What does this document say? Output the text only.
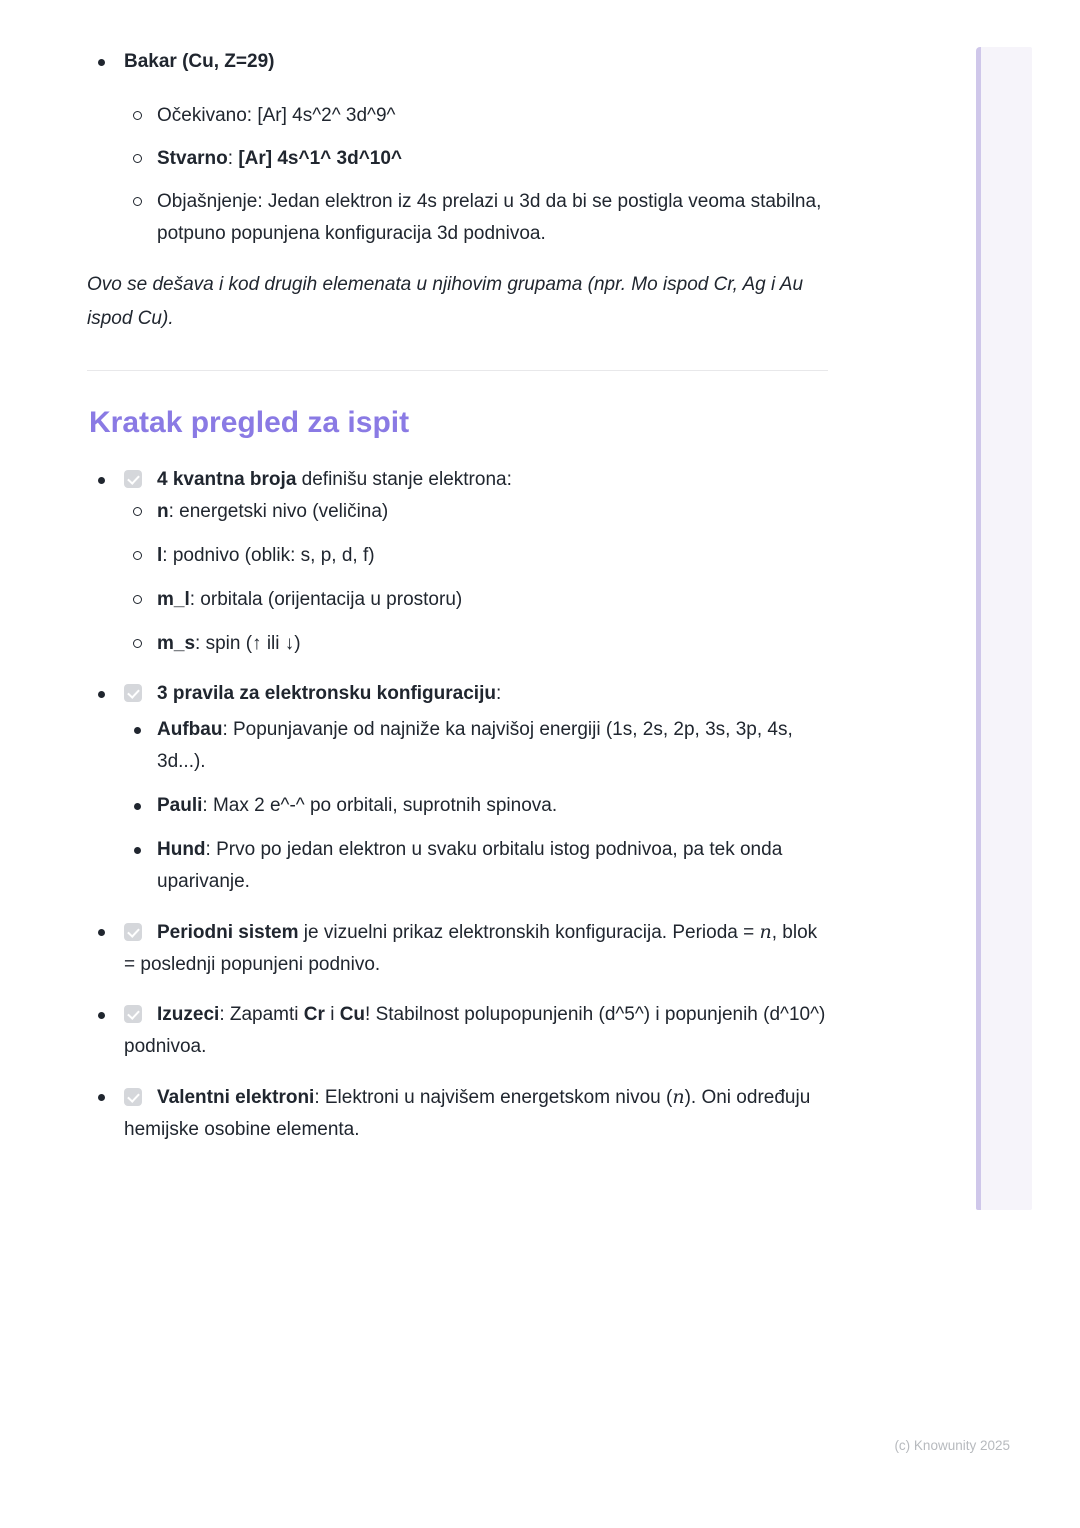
Bakar (Cu, Z=29)
Očekivano: [Ar] 4s^2^ 3d^9^
Stvarno: [Ar] 4s^1^ 3d^10^
Objašnjenje: Jedan elektron iz 4s prelazi u 3d da bi se postigla veoma stabilna, potpuno popunjena konfiguracija 3d podnivoa.

Ovo se dešava i kod drugih elemenata u njihovim grupama (npr. Mo ispod Cr, Ag i Au ispod Cu).

Kratak pregled za ispit
4 kvantna broja definišu stanje elektrona:
n: energetski nivo (veličina)
l: podnivo (oblik: s, p, d, f)
m_l: orbitala (orijentacija u prostoru)
m_s: spin (↑ ili ↓)
3 pravila za elektronsku konfiguraciju:
Aufbau: Popunjavanje od najniže ka najvišoj energiji (1s, 2s, 2p, 3s, 3p, 4s, 3d...).
Pauli: Max 2 e^-^ po orbitali, suprotnih spinova.
Hund: Prvo po jedan elektron u svaku orbitalu istog podnivoa, pa tek onda uparivanje.
Periodni sistem je vizuelni prikaz elektronskih konfiguracija. Perioda = n, blok = poslednji popunjeni podnivo.
Izuzeci: Zapamti Cr i Cu! Stabilnost polupopunjenih (d^5^) i popunjenih (d^10^) podnivoa.
Valentni elektroni: Elektroni u najvišem energetskom nivou (n). Oni određuju hemijske osobine elementa.
(c) Knowunity 2025
